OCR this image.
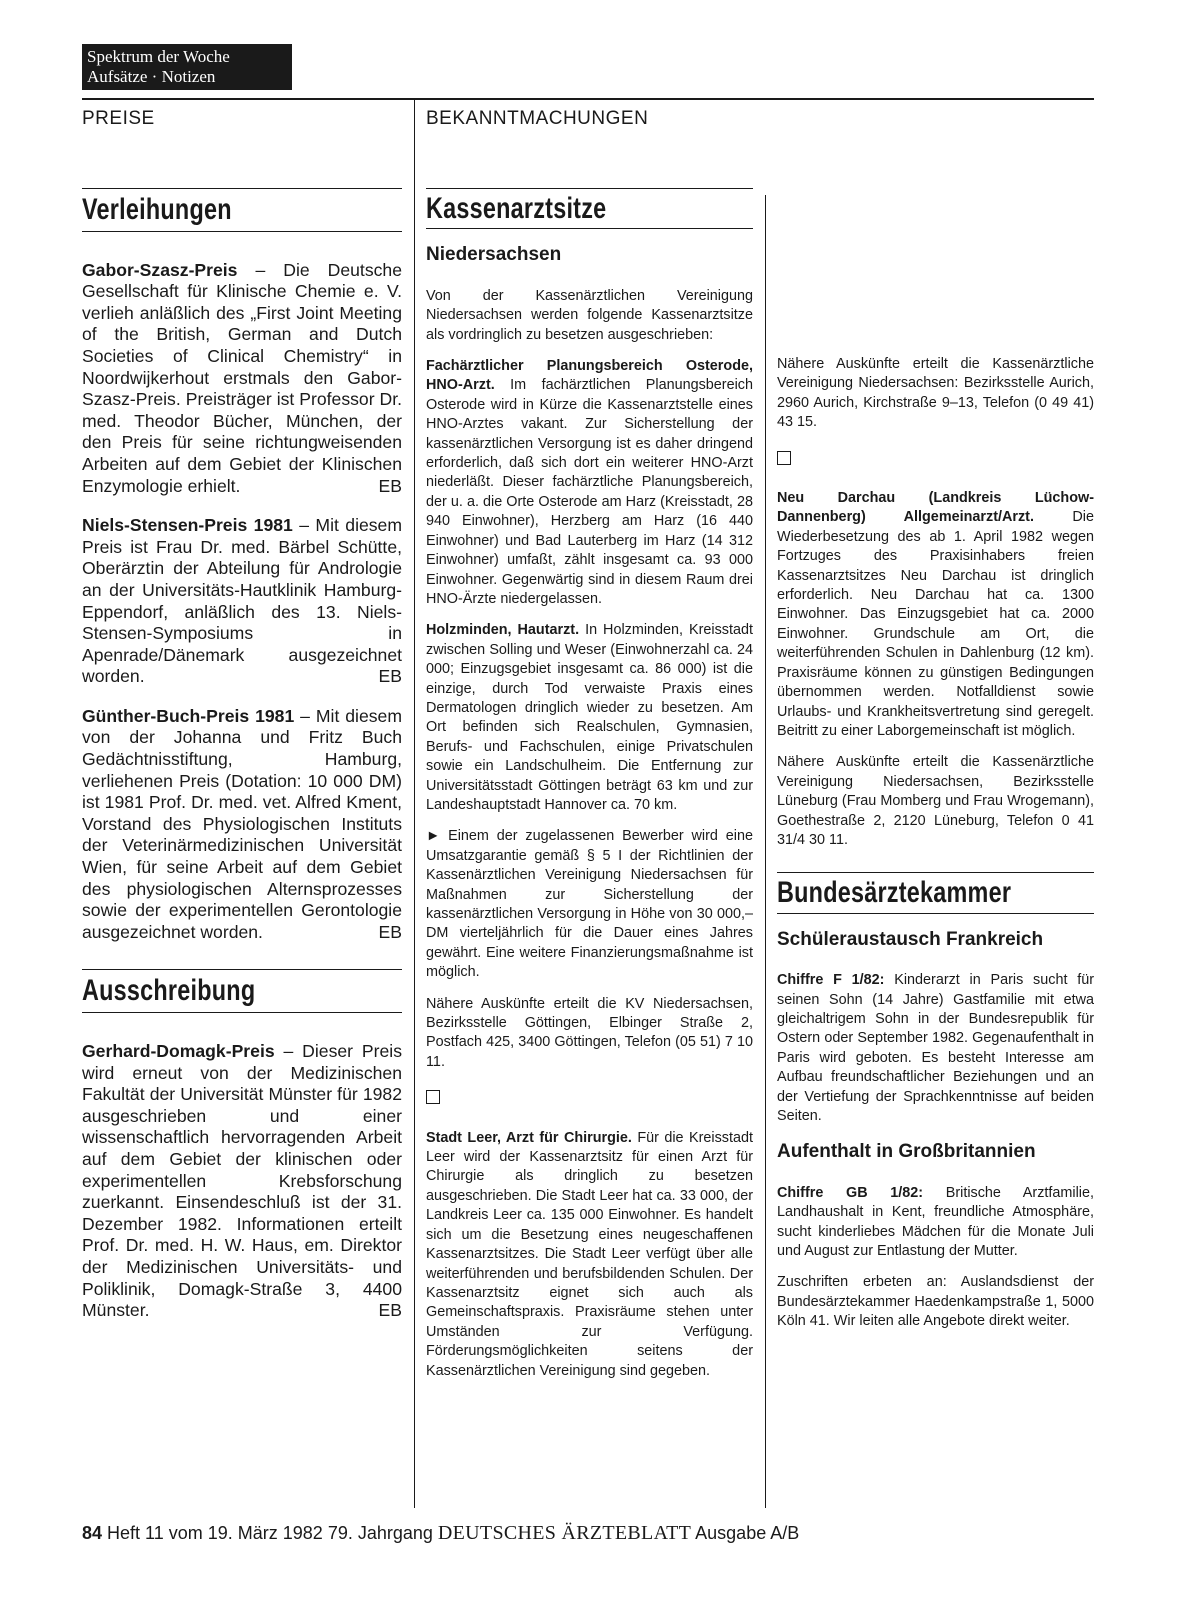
Spektrum der Woche
Aufsätze · Notizen
PREISE	BEKANNTMACHUNGEN
Verleihungen

Gabor-Szasz-Preis – Die Deutsche Gesellschaft für Klinische Chemie e. V. verlieh anläßlich des „First Joint Meeting of the British, German and Dutch Societies of Clinical Chemistry“ in Noordwijkerhout erstmals den Gabor-Szasz-Preis. Preisträger ist Professor Dr. med. Theodor Bücher, München, der den Preis für seine richtungweisenden Arbeiten auf dem Gebiet der Klinischen Enzymologie erhielt.	EB

Niels-Stensen-Preis 1981 – Mit diesem Preis ist Frau Dr. med. Bärbel Schütte, Oberärztin der Abteilung für Andrologie an der Universitäts-Hautklinik Hamburg-Eppendorf, anläßlich des 13. Niels-Stensen-Symposiums in Apenrade/Dänemark ausgezeichnet worden.	EB

Günther-Buch-Preis 1981 – Mit diesem von der Johanna und Fritz Buch Gedächtnisstiftung, Hamburg, verliehenen Preis (Dotation: 10 000 DM) ist 1981 Prof. Dr. med. vet. Alfred Kment, Vorstand des Physiologischen Instituts der Veterinärmedizinischen Universität Wien, für seine Arbeit auf dem Gebiet des physiologischen Alternsprozesses sowie der experimentellen Gerontologie ausgezeichnet worden.	EB

Ausschreibung

Gerhard-Domagk-Preis – Dieser Preis wird erneut von der Medizinischen Fakultät der Universität Münster für 1982 ausgeschrieben und einer wissenschaftlich hervorragenden Arbeit auf dem Gebiet der klinischen oder experimentellen Krebsforschung zuerkannt. Einsendeschluß ist der 31. Dezember 1982. Informationen erteilt Prof. Dr. med. H. W. Haus, em. Direktor der Medizinischen Universitäts- und Poliklinik, Domagk-Straße 3, 4400 Münster.	EB

Kassenarztsitze
Niedersachsen

Von der Kassenärztlichen Vereinigung Niedersachsen werden folgende Kassenarztsitze als vordringlich zu besetzen ausgeschrieben:

Fachärztlicher Planungsbereich Osterode, HNO-Arzt. Im fachärztlichen Planungsbereich Osterode wird in Kürze die Kassenarztstelle eines HNO-Arztes vakant. Zur Sicherstellung der kassenärztlichen Versorgung ist es daher dringend erforderlich, daß sich dort ein weiterer HNO-Arzt niederläßt. Dieser fachärztliche Planungsbereich, der u. a. die Orte Osterode am Harz (Kreisstadt, 28 940 Einwohner), Herzberg am Harz (16 440 Einwohner) und Bad Lauterberg im Harz (14 312 Einwohner) umfaßt, zählt insgesamt ca. 93 000 Einwohner. Gegenwärtig sind in diesem Raum drei HNO-Ärzte niedergelassen.

Holzminden, Hautarzt. In Holzminden, Kreisstadt zwischen Solling und Weser (Einwohnerzahl ca. 24 000; Einzugsgebiet insgesamt ca. 86 000) ist die einzige, durch Tod verwaiste Praxis eines Dermatologen dringlich wieder zu besetzen. Am Ort befinden sich Realschulen, Gymnasien, Berufs- und Fachschulen, einige Privatschulen sowie ein Landschulheim. Die Entfernung zur Universitätsstadt Göttingen beträgt 63 km und zur Landeshauptstadt Hannover ca. 70 km.

► Einem der zugelassenen Bewerber wird eine Umsatzgarantie gemäß § 5 I der Richtlinien der Kassenärztlichen Vereinigung Niedersachsen für Maßnahmen zur Sicherstellung der kassenärztlichen Versorgung in Höhe von 30 000,– DM vierteljährlich für die Dauer eines Jahres gewährt. Eine weitere Finanzierungsmaßnahme ist möglich.

Nähere Auskünfte erteilt die KV Niedersachsen, Bezirksstelle Göttingen, Elbinger Straße 2, Postfach 425, 3400 Göttingen, Telefon (05 51) 7 10 11.

Stadt Leer, Arzt für Chirurgie. Für die Kreisstadt Leer wird der Kassenarztsitz für einen Arzt für Chirurgie als dringlich zu besetzen ausgeschrieben. Die Stadt Leer hat ca. 33 000, der Landkreis Leer ca. 135 000 Einwohner. Es handelt sich um die Besetzung eines neugeschaffenen Kassenarztsitzes. Die Stadt Leer verfügt über alle weiterführenden und berufsbildenden Schulen. Der Kassenarztsitz eignet sich auch als Gemeinschaftspraxis. Praxisräume stehen unter Umständen zur Verfügung. Förderungsmöglichkeiten seitens der Kassenärztlichen Vereinigung sind gegeben.

Nähere Auskünfte erteilt die Kassenärztliche Vereinigung Niedersachsen: Bezirksstelle Aurich, 2960 Aurich, Kirchstraße 9–13, Telefon (0 49 41) 43 15.

Neu Darchau (Landkreis Lüchow-Dannenberg) Allgemeinarzt/Arzt. Die Wiederbesetzung des ab 1. April 1982 wegen Fortzuges des Praxisinhabers freien Kassenarztsitzes Neu Darchau ist dringlich erforderlich. Neu Darchau hat ca. 1300 Einwohner. Das Einzugsgebiet hat ca. 2000 Einwohner. Grundschule am Ort, die weiterführenden Schulen in Dahlenburg (12 km). Praxisräume können zu günstigen Bedingungen übernommen werden. Notfalldienst sowie Urlaubs- und Krankheitsvertretung sind geregelt. Beitritt zu einer Laborgemeinschaft ist möglich.

Nähere Auskünfte erteilt die Kassenärztliche Vereinigung Niedersachsen, Bezirksstelle Lüneburg (Frau Momberg und Frau Wrogemann), Goethestraße 2, 2120 Lüneburg, Telefon 0 41 31/4 30 11.

Bundesärztekammer
Schüleraustausch Frankreich

Chiffre F 1/82: Kinderarzt in Paris sucht für seinen Sohn (14 Jahre) Gastfamilie mit etwa gleichaltrigem Sohn in der Bundesrepublik für Ostern oder September 1982. Gegenaufenthalt in Paris wird geboten. Es besteht Interesse am Aufbau freundschaftlicher Beziehungen und an der Vertiefung der Sprachkenntnisse auf beiden Seiten.

Aufenthalt in Großbritannien

Chiffre GB 1/82: Britische Arztfamilie, Landhaushalt in Kent, freundliche Atmosphäre, sucht kinderliebes Mädchen für die Monate Juli und August zur Entlastung der Mutter.

Zuschriften erbeten an: Auslandsdienst der Bundesärztekammer Haedenkampstraße 1, 5000 Köln 41. Wir leiten alle Angebote direkt weiter.

84 Heft 11 vom 19. März 1982 79. Jahrgang DEUTSCHES ÄRZTEBLATT Ausgabe A/B
